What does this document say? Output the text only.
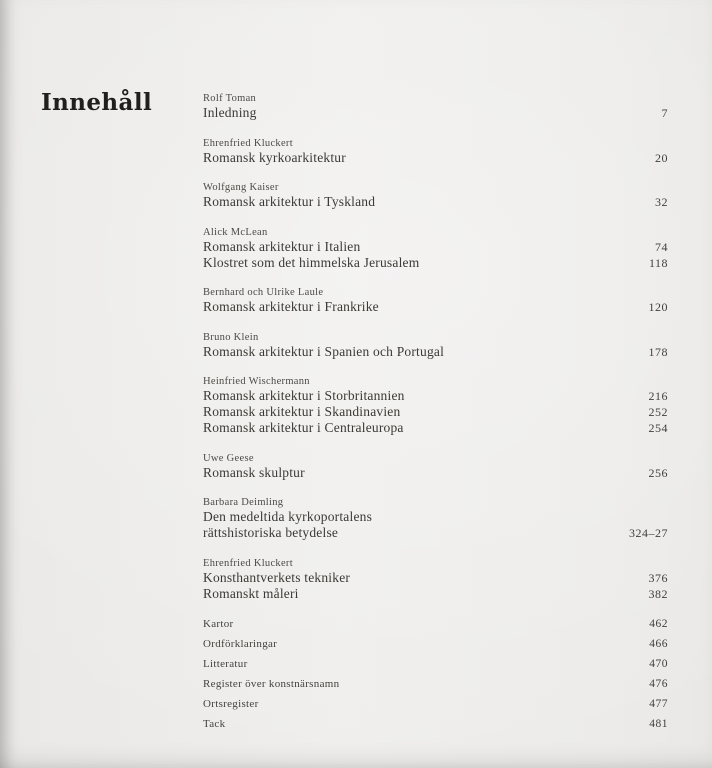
Innehåll	Rolf Toman
Inledning	7
Ehrenfried Kluckert
Romansk kyrkoarkitektur	20
Wolfgang Kaiser
Romansk arkitektur i Tyskland	32
Alick McLean
Romansk arkitektur i Italien	74
Klostret som det himmelska Jerusalem	118
Bernhard och Ulrike Laule
Romansk arkitektur i Frankrike	120
Bruno Klein
Romansk arkitektur i Spanien och Portugal	178
Heinfried Wischermann
Romansk arkitektur i Storbritannien	216
Romansk arkitektur i Skandinavien	252
Romansk arkitektur i Centraleuropa	254
Uwe Geese
Romansk skulptur	256
Barbara Deimling
Den medeltida kyrkoportalens
rättshistoriska betydelse	324–27
Ehrenfried Kluckert
Konsthantverkets tekniker	376
Romanskt måleri	382
Kartor	462
Ordförklaringar	466
Litteratur	470
Register över konstnärsnamn	476
Ortsregister	477
Tack	481
